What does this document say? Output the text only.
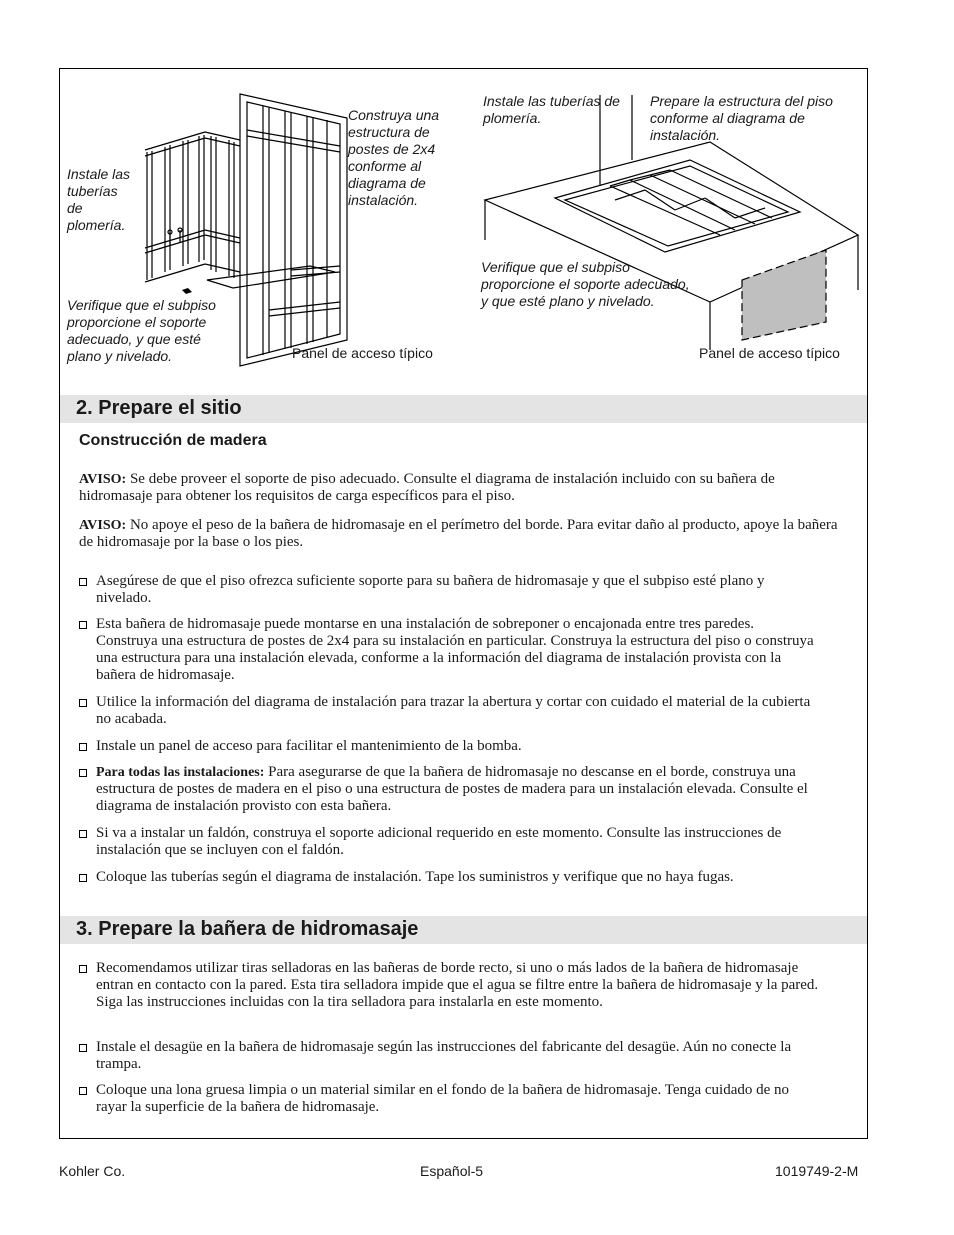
Instale las tuberías de plomería.
Construya una estructura de postes de 2x4 conforme al diagrama de instalación.
Verifique que el subpiso proporcione el soporte adecuado, y que esté plano y nivelado.	Panel de acceso típico
Instale las tuberías de plomería.
Prepare la estructura del piso conforme al diagrama de instalación.
Verifique que el subpiso proporcione el soporte adecuado, y que esté plano y nivelado.
Panel de acceso típico
2. Prepare el sitio
Construcción de madera

AVISO: Se debe proveer el soporte de piso adecuado. Consulte el diagrama de instalación incluido con su bañera de hidromasaje para obtener los requisitos de carga específicos para el piso.

AVISO: No apoye el peso de la bañera de hidromasaje en el perímetro del borde. Para evitar daño al producto, apoye la bañera de hidromasaje por la base o los pies.

Asegúrese de que el piso ofrezca suficiente soporte para su bañera de hidromasaje y que el subpiso esté plano y nivelado.
Esta bañera de hidromasaje puede montarse en una instalación de sobreponer o encajonada entre tres paredes. Construya una estructura de postes de 2x4 para su instalación en particular. Construya la estructura del piso o construya una estructura para una instalación elevada, conforme a la información del diagrama de instalación provista con la bañera de hidromasaje.
Utilice la información del diagrama de instalación para trazar la abertura y cortar con cuidado el material de la cubierta no acabada.
Instale un panel de acceso para facilitar el mantenimiento de la bomba.
Para todas las instalaciones: Para asegurarse de que la bañera de hidromasaje no descanse en el borde, construya una estructura de postes de madera en el piso o una estructura de postes de madera para un instalación elevada. Consulte el diagrama de instalación provisto con esta bañera.
Si va a instalar un faldón, construya el soporte adicional requerido en este momento. Consulte las instrucciones de instalación que se incluyen con el faldón.
Coloque las tuberías según el diagrama de instalación. Tape los suministros y verifique que no haya fugas.
3. Prepare la bañera de hidromasaje
Recomendamos utilizar tiras selladoras en las bañeras de borde recto, si uno o más lados de la bañera de hidromasaje entran en contacto con la pared. Esta tira selladora impide que el agua se filtre entre la bañera de hidromasaje y la pared. Siga las instrucciones incluidas con la tira selladora para instalarla en este momento.
Instale el desagüe en la bañera de hidromasaje según las instrucciones del fabricante del desagüe. Aún no conecte la trampa.
Coloque una lona gruesa limpia o un material similar en el fondo de la bañera de hidromasaje. Tenga cuidado de no rayar la superficie de la bañera de hidromasaje.
Kohler Co.	Español-5	1019749-2-M
